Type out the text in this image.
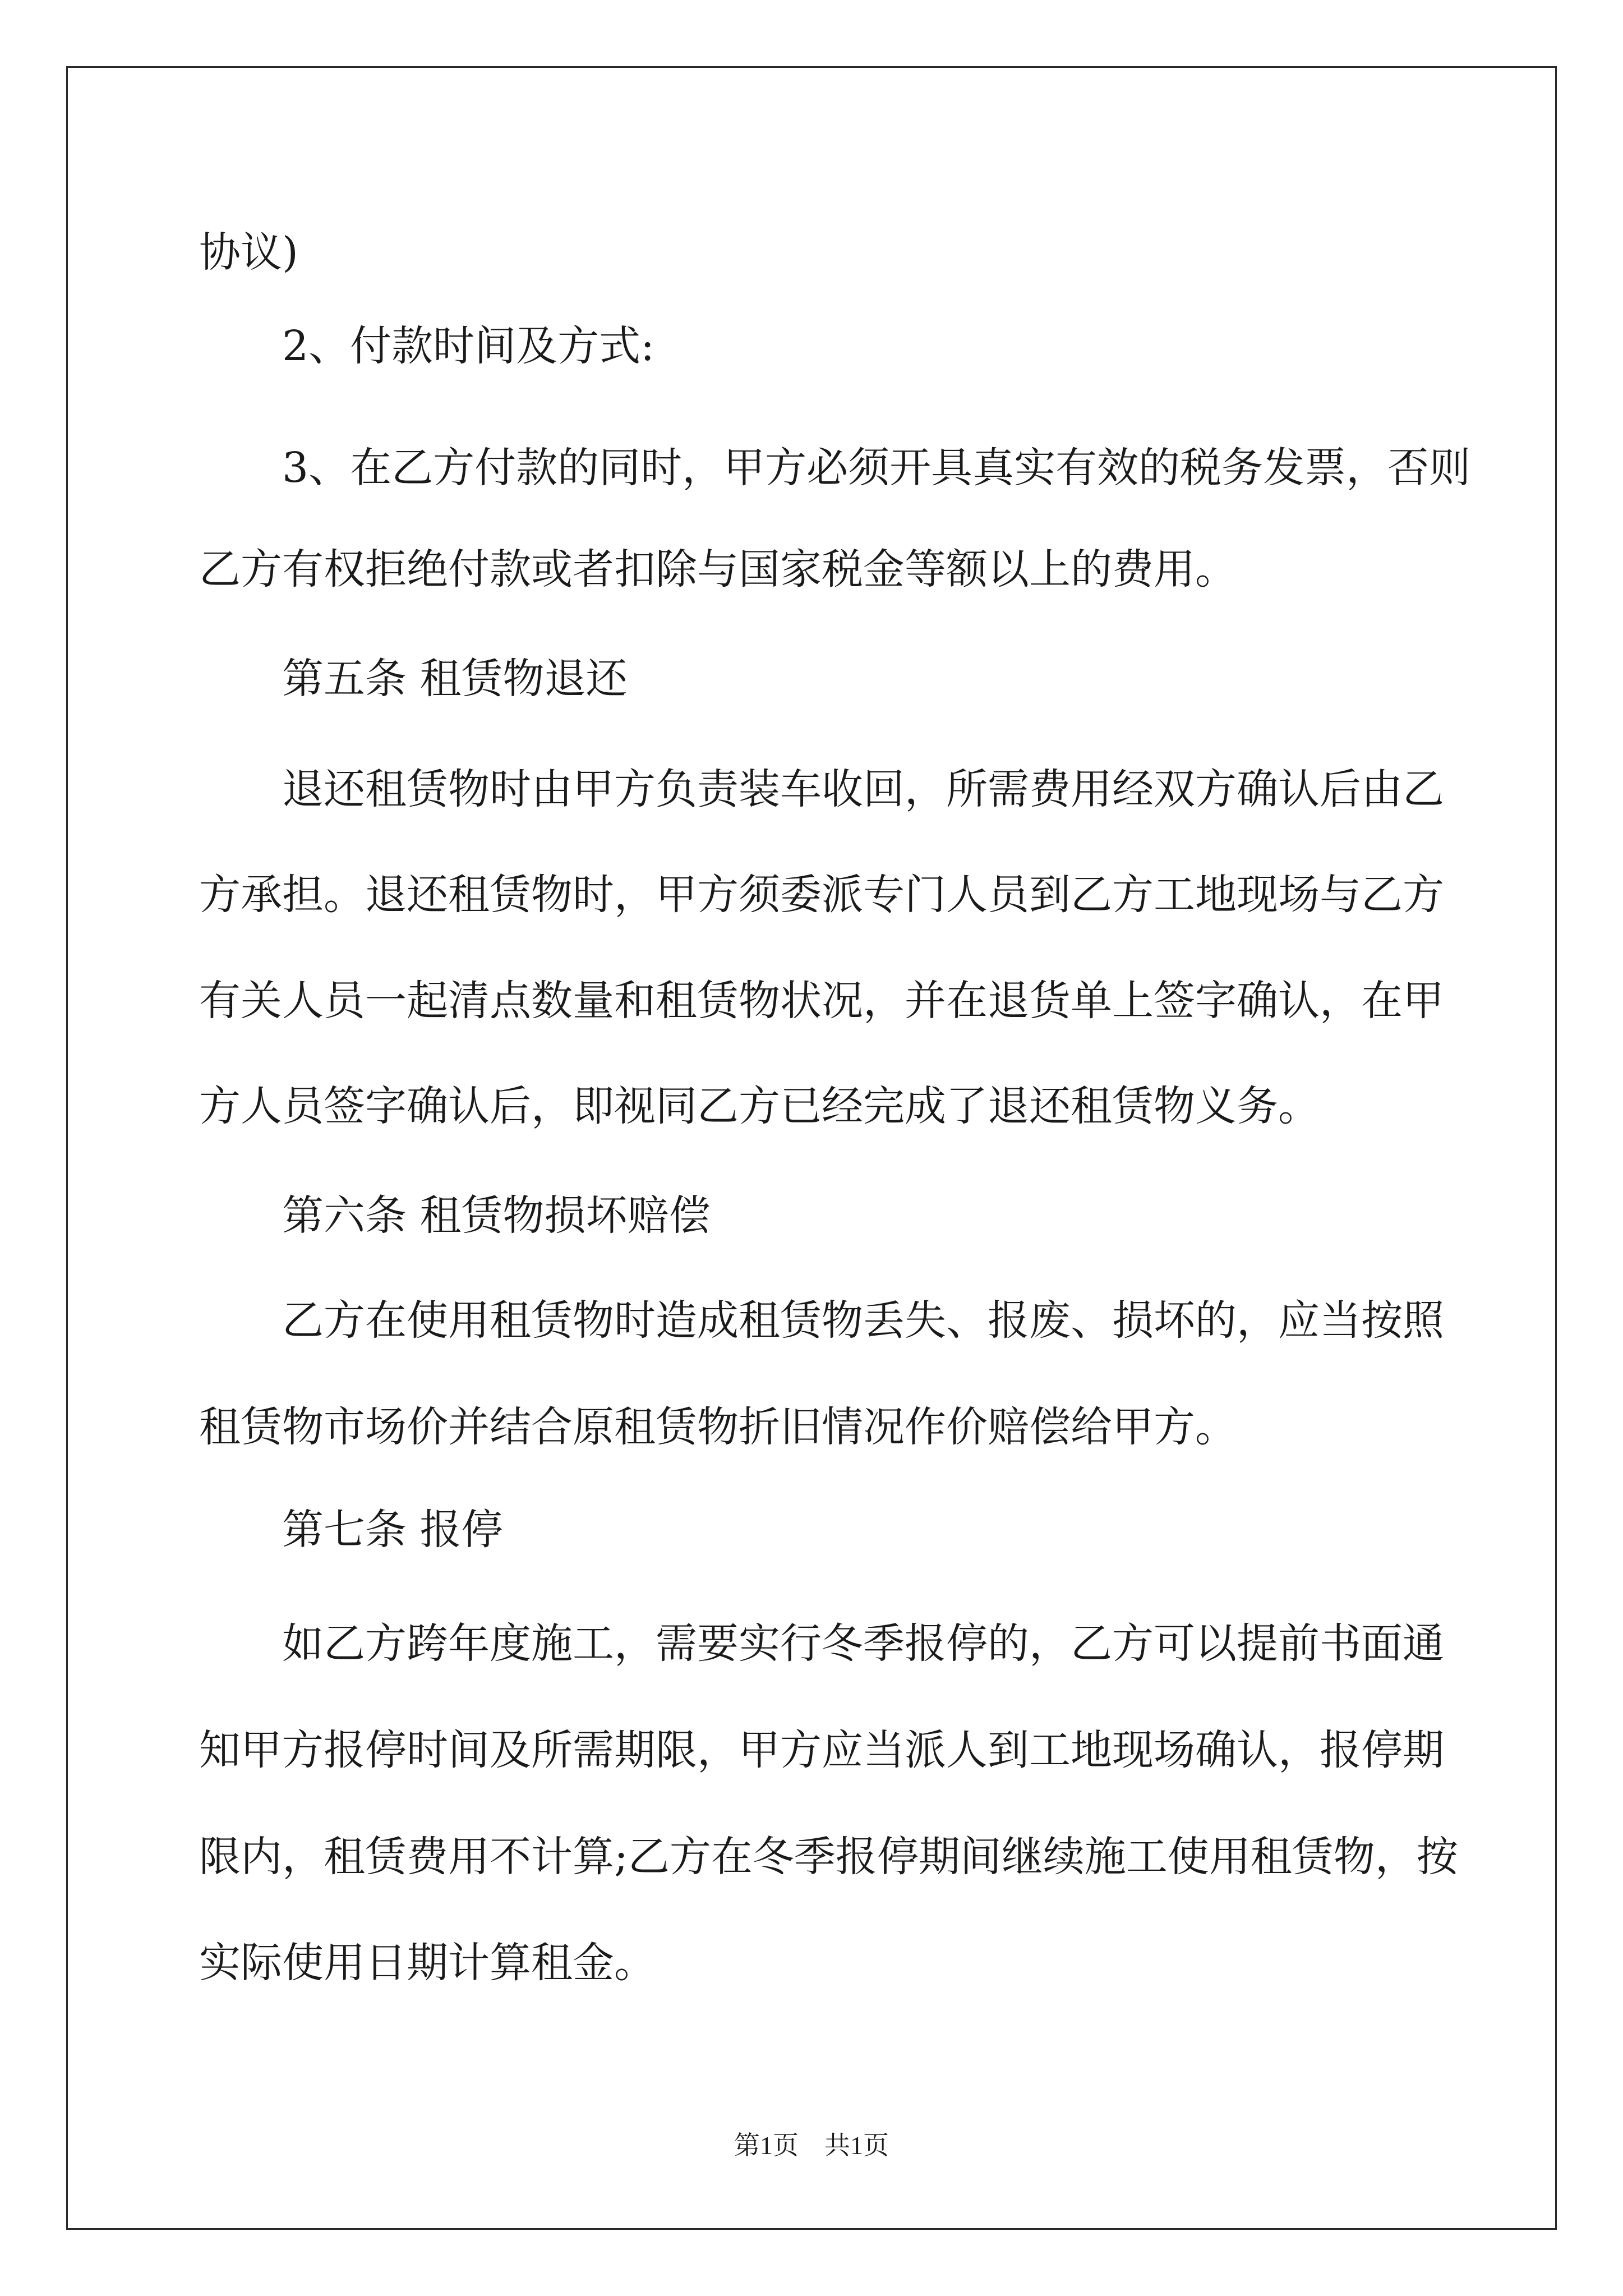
协议)
2、付款时间及方式:
3、在乙方付款的同时，甲方必须开具真实有效的税务发票，否则
乙方有权拒绝付款或者扣除与国家税金等额以上的费用。
第五条 租赁物退还
退还租赁物时由甲方负责装车收回，所需费用经双方确认后由乙
方承担。退还租赁物时，甲方须委派专门人员到乙方工地现场与乙方
有关人员一起清点数量和租赁物状况，并在退货单上签字确认，在甲
方人员签字确认后，即视同乙方已经完成了退还租赁物义务。
第六条 租赁物损坏赔偿
乙方在使用租赁物时造成租赁物丢失、报废、损坏的，应当按照
租赁物市场价并结合原租赁物折旧情况作价赔偿给甲方。
第七条 报停
如乙方跨年度施工，需要实行冬季报停的，乙方可以提前书面通
知甲方报停时间及所需期限，甲方应当派人到工地现场确认，报停期
限内，租赁费用不计算;乙方在冬季报停期间继续施工使用租赁物，按
实际使用日期计算租金。
第1页 共1页
